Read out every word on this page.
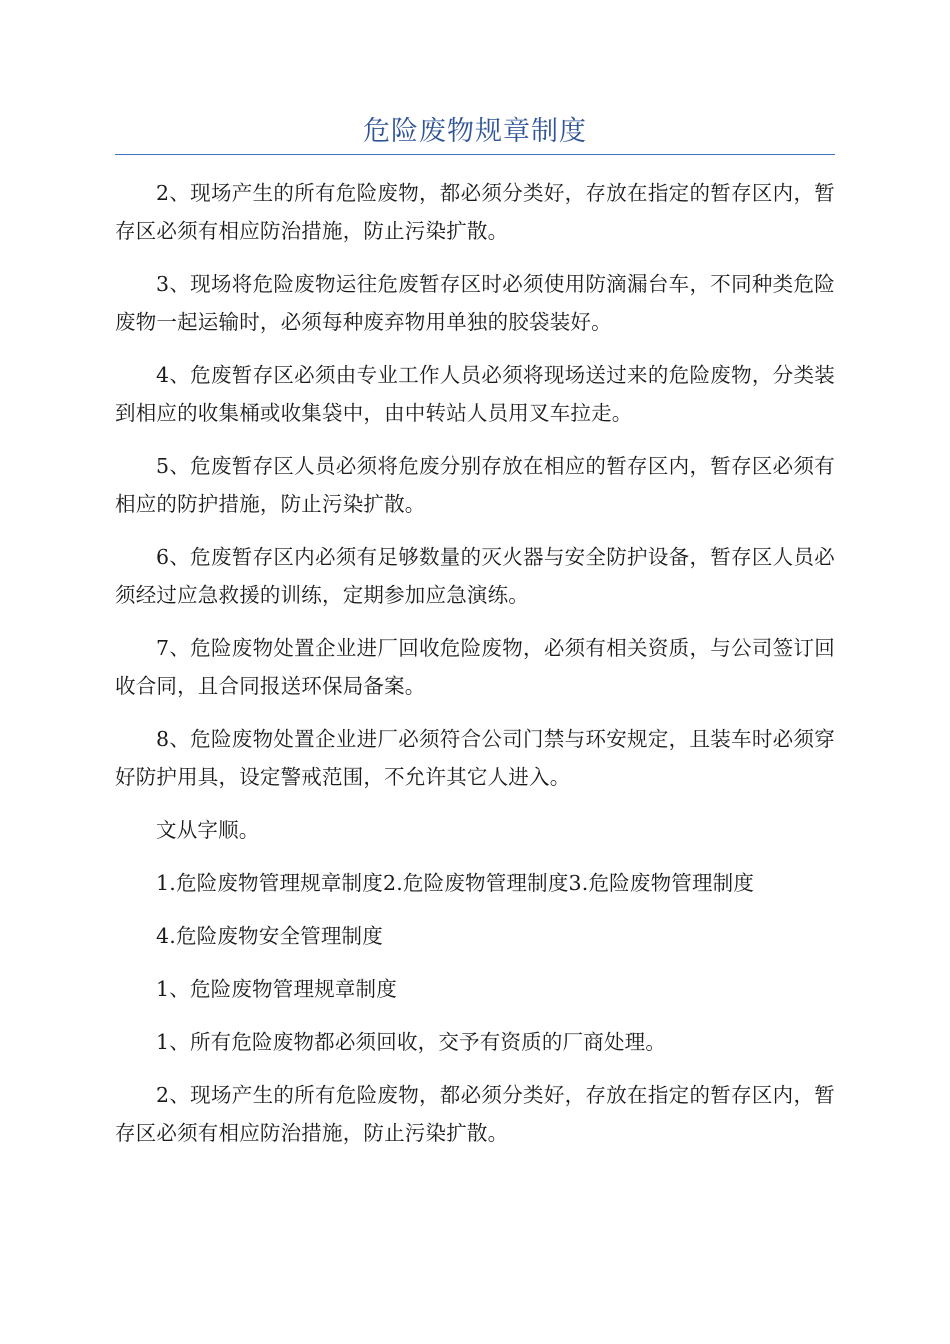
危险废物规章制度

2、现场产生的所有危险废物，都必须分类好，存放在指定的暂存区内，暂存区必须有相应防治措施，防止污染扩散。

3、现场将危险废物运往危废暂存区时必须使用防滴漏台车，不同种类危险废物一起运输时，必须每种废弃物用单独的胶袋装好。

4、危废暂存区必须由专业工作人员必须将现场送过来的危险废物，分类装到相应的收集桶或收集袋中，由中转站人员用叉车拉走。

5、危废暂存区人员必须将危废分别存放在相应的暂存区内，暂存区必须有相应的防护措施，防止污染扩散。

6、危废暂存区内必须有足够数量的灭火器与安全防护设备，暂存区人员必须经过应急救援的训练，定期参加应急演练。

7、危险废物处置企业进厂回收危险废物，必须有相关资质，与公司签订回收合同，且合同报送环保局备案。

8、危险废物处置企业进厂必须符合公司门禁与环安规定，且装车时必须穿好防护用具，设定警戒范围，不允许其它人进入。

文从字顺。

1.危险废物管理规章制度2.危险废物管理制度3.危险废物管理制度

4.危险废物安全管理制度

1、危险废物管理规章制度

1、所有危险废物都必须回收，交予有资质的厂商处理。

2、现场产生的所有危险废物，都必须分类好，存放在指定的暂存区内，暂存区必须有相应防治措施，防止污染扩散。
